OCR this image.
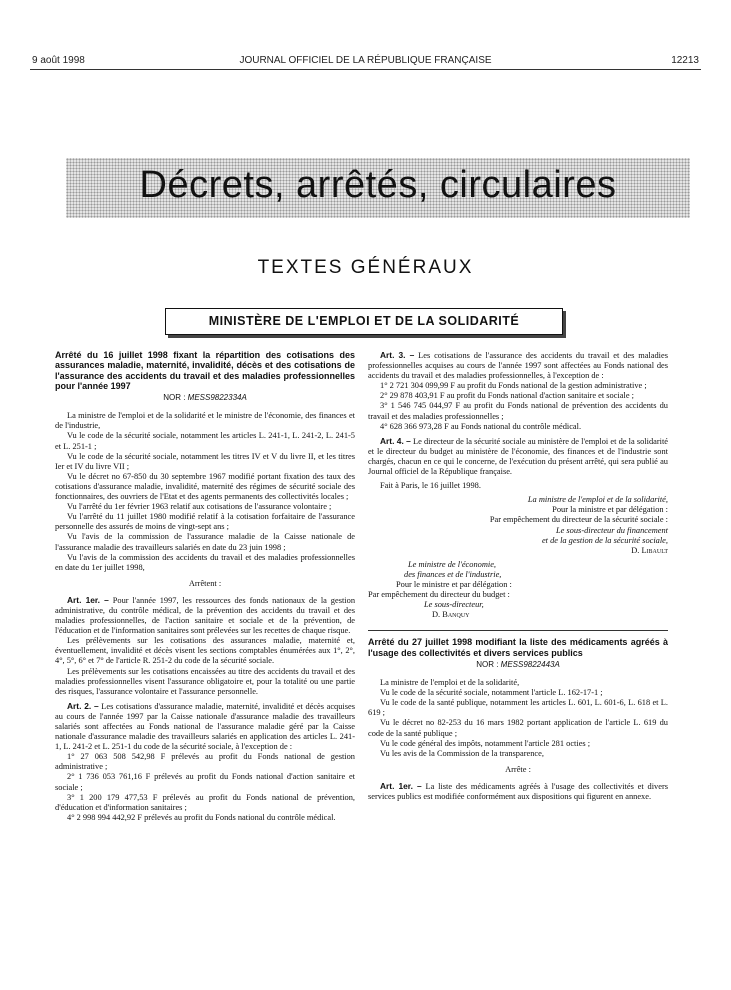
9 août 1998	JOURNAL OFFICIEL DE LA RÉPUBLIQUE FRANÇAISE	12213
Décrets, arrêtés, circulaires
TEXTES GÉNÉRAUX
MINISTÈRE DE L'EMPLOI ET DE LA SOLIDARITÉ

Arrêté du 16 juillet 1998 fixant la répartition des cotisations des assurances maladie, maternité, invalidité, décès et des cotisations de l'assurance des accidents du travail et des maladies professionnelles pour l'année 1997

NOR : MESS9822334A

La ministre de l'emploi et de la solidarité et le ministre de l'économie, des finances et de l'industrie,

Vu le code de la sécurité sociale, notamment les articles L. 241-1, L. 241-2, L. 241-5 et L. 251-1 ;

Vu le code de la sécurité sociale, notamment les titres IV et V du livre II, et les titres Ier et IV du livre VII ;

Vu le décret no 67-850 du 30 septembre 1967 modifié portant fixation des taux des cotisations d'assurance maladie, invalidité, maternité des régimes de sécurité sociale des fonctionnaires, des ouvriers de l'Etat et des agents permanents des collectivités locales ;

Vu l'arrêté du 1er février 1963 relatif aux cotisations de l'assurance volontaire ;

Vu l'arrêté du 11 juillet 1980 modifié relatif à la cotisation forfaitaire de l'assurance personnelle des assurés de moins de vingt-sept ans ;

Vu l'avis de la commission de l'assurance maladie de la Caisse nationale de l'assurance maladie des travailleurs salariés en date du 23 juin 1998 ;

Vu l'avis de la commission des accidents du travail et des maladies professionnelles en date du 1er juillet 1998,

Arrêtent :

Art. 1er. – Pour l'année 1997, les ressources des fonds nationaux de la gestion administrative, du contrôle médical, de la prévention des accidents du travail et des maladies professionnelles, de l'action sanitaire et sociale et de la prévention, de l'éducation et de l'information sanitaires sont prélevées sur les recettes de chaque risque.

Les prélèvements sur les cotisations des assurances maladie, maternité et, éventuellement, invalidité et décès visent les sections comptables énumérées aux 1°, 2°, 4°, 5°, 6° et 7° de l'article R. 251-2 du code de la sécurité sociale.

Les prélèvements sur les cotisations encaissées au titre des accidents du travail et des maladies professionnelles visent l'assurance obligatoire et, pour la totalité ou une partie des risques, l'assurance volontaire et l'assurance personnelle.

Art. 2. – Les cotisations d'assurance maladie, maternité, invalidité et décès acquises au cours de l'année 1997 par la Caisse nationale d'assurance maladie des travailleurs salariés sont affectées au Fonds national de l'assurance maladie géré par la Caisse nationale d'assurance maladie des travailleurs salariés en application des articles L. 241-1, L. 241-2 et L. 251-1 du code de la sécurité sociale, à l'exception de :

1° 27 063 508 542,98 F prélevés au profit du Fonds national de gestion administrative ;

2° 1 736 053 761,16 F prélevés au profit du Fonds national d'action sanitaire et sociale ;

3° 1 200 179 477,53 F prélevés au profit du Fonds national de prévention, d'éducation et d'information sanitaires ;

4° 2 998 994 442,92 F prélevés au profit du Fonds national du contrôle médical.

Art. 3. – Les cotisations de l'assurance des accidents du travail et des maladies professionnelles acquises au cours de l'année 1997 sont affectées au Fonds national des accidents du travail et des maladies professionnelles, à l'exception de :

1° 2 721 304 099,99 F au profit du Fonds national de la gestion administrative ;

2° 29 878 403,91 F au profit du Fonds national d'action sanitaire et sociale ;

3° 1 546 745 044,97 F au profit du Fonds national de prévention des accidents du travail et des maladies professionnelles ;

4° 628 366 973,28 F au Fonds national du contrôle médical.

Art. 4. – Le directeur de la sécurité sociale au ministère de l'emploi et de la solidarité et le directeur du budget au ministère de l'économie, des finances et de l'industrie sont chargés, chacun en ce qui le concerne, de l'exécution du présent arrêté, qui sera publié au Journal officiel de la République française.

Fait à Paris, le 16 juillet 1998.

La ministre de l'emploi et de la solidarité,

Pour la ministre et par délégation :

Par empêchement du directeur de la sécurité sociale :

Le sous-directeur du financement

et de la gestion de la sécurité sociale,

D. Libault

Le ministre de l'économie,

des finances et de l'industrie,

Pour le ministre et par délégation :

Par empêchement du directeur du budget :

Le sous-directeur,

D. Banquy

Arrêté du 27 juillet 1998 modifiant la liste des médicaments agréés à l'usage des collectivités et divers services publics

NOR : MESS9822443A

La ministre de l'emploi et de la solidarité,

Vu le code de la sécurité sociale, notamment l'article L. 162-17-1 ;

Vu le code de la santé publique, notamment les articles L. 601, L. 601-6, L. 618 et L. 619 ;

Vu le décret no 82-253 du 16 mars 1982 portant application de l'article L. 619 du code de la santé publique ;

Vu le code général des impôts, notamment l'article 281 octies ;

Vu les avis de la Commission de la transparence,

Arrête :

Art. 1er. – La liste des médicaments agréés à l'usage des collectivités et divers services publics est modifiée conformément aux dispositions qui figurent en annexe.
